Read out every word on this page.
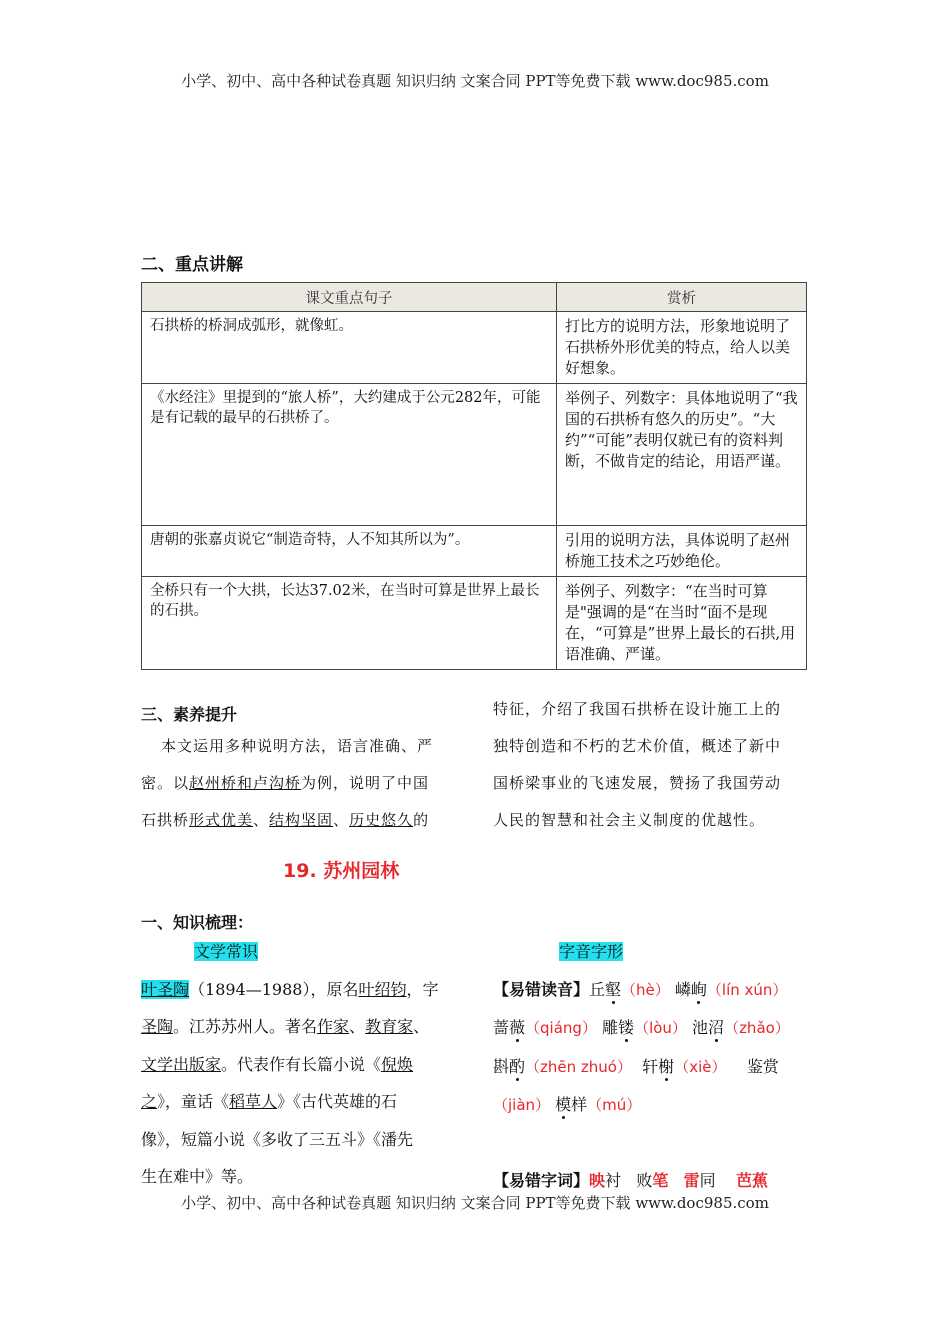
小学、初中、高中各种试卷真题 知识归纳 文案合同 PPT等免费下载 www.doc985.com
二、重点讲解
课文重点句子	赏析
石拱桥的桥洞成弧形，就像虹。	打比方的说明方法，形象地说明了石拱桥外形优美的特点，给人以美好想象。
《水经注》里提到的“旅人桥”，大约建成于公元282年，可能是有记载的最早的石拱桥了。	举例子、列数字：具体地说明了“我国的石拱桥有悠久的历史”。“大约”“可能”表明仅就已有的资料判断，不做肯定的结论，用语严谨。
唐朝的张嘉贞说它“制造奇特，人不知其所以为”。	引用的说明方法，具体说明了赵州桥施工技术之巧妙绝伦。
全桥只有一个大拱，长达37.02米，在当时可算是世界上最长的石拱。	举例子、列数字：“在当时可算是"强调的是“在当时“面不是现在，“可算是”世界上最长的石拱,用语准确、严谨。
三、素养提升
本文运用多种说明方法，语言准确、严
密。以赵州桥和卢沟桥为例，说明了中国
石拱桥形式优美、结构坚固、历史悠久的
特征，介绍了我国石拱桥在设计施工上的
独特创造和不朽的艺术价值，概述了新中
国桥梁事业的飞速发展，赞扬了我国劳动
人民的智慧和社会主义制度的优越性。
19. 苏州园林
一、知识梳理：
文学常识
叶圣陶（1894—1988），原名叶绍钧，字
圣陶。江苏苏州人。著名作家、教育家、
文学出版家。代表作有长篇小说《倪焕
之》，童话《稻草人》《古代英雄的石
像》，短篇小说《多收了三五斗》《潘先
生在难中》等。
字音字形
【易错读音】丘壑（hè） 嶙峋（lín xún）
蔷薇（qiáng） 雕镂（lòu） 池沼（zhǎo）
斟酌（zhēn zhuó） 轩榭（xiè） 鉴赏
（jiàn） 模样（mú）
【易错字词】映衬 败笔 雷同 芭蕉
小学、初中、高中各种试卷真题 知识归纳 文案合同 PPT等免费下载 www.doc985.com
